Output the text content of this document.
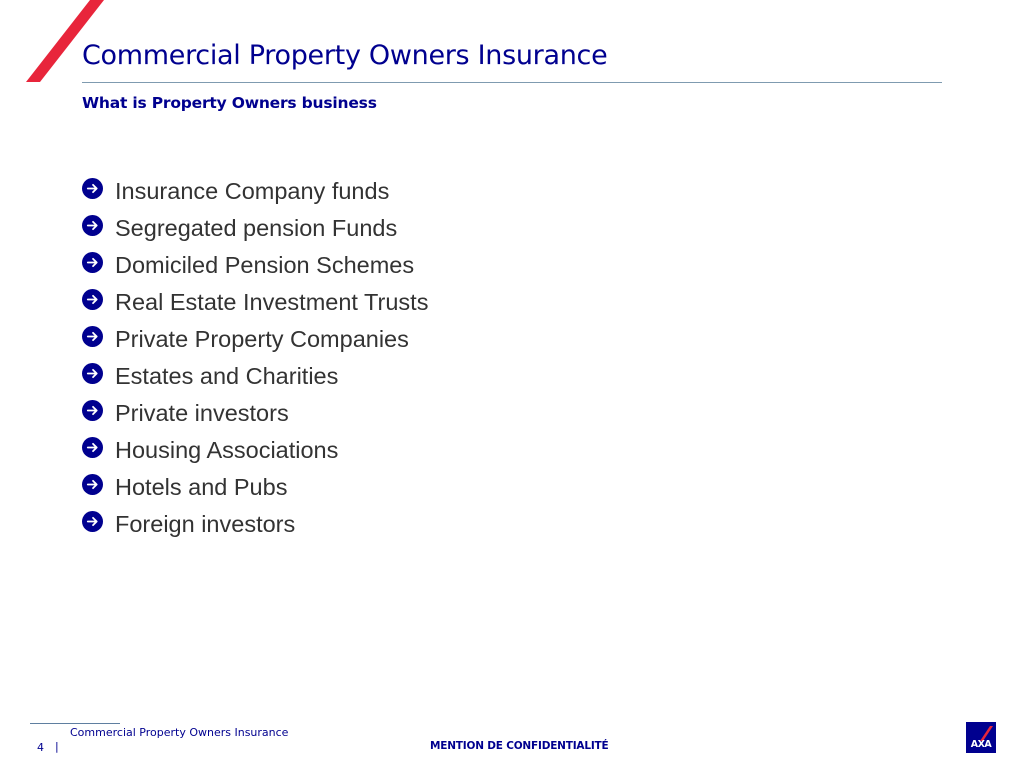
Commercial Property Owners Insurance
What is Property Owners business
Insurance Company funds
Segregated pension Funds
Domiciled Pension Schemes
Real Estate Investment Trusts
Private Property Companies
Estates and Charities
Private investors
Housing Associations
Hotels and Pubs
Foreign investors
Commercial Property Owners Insurance
4 |	MENTION DE CONFIDENTIALITÉ	AXA
